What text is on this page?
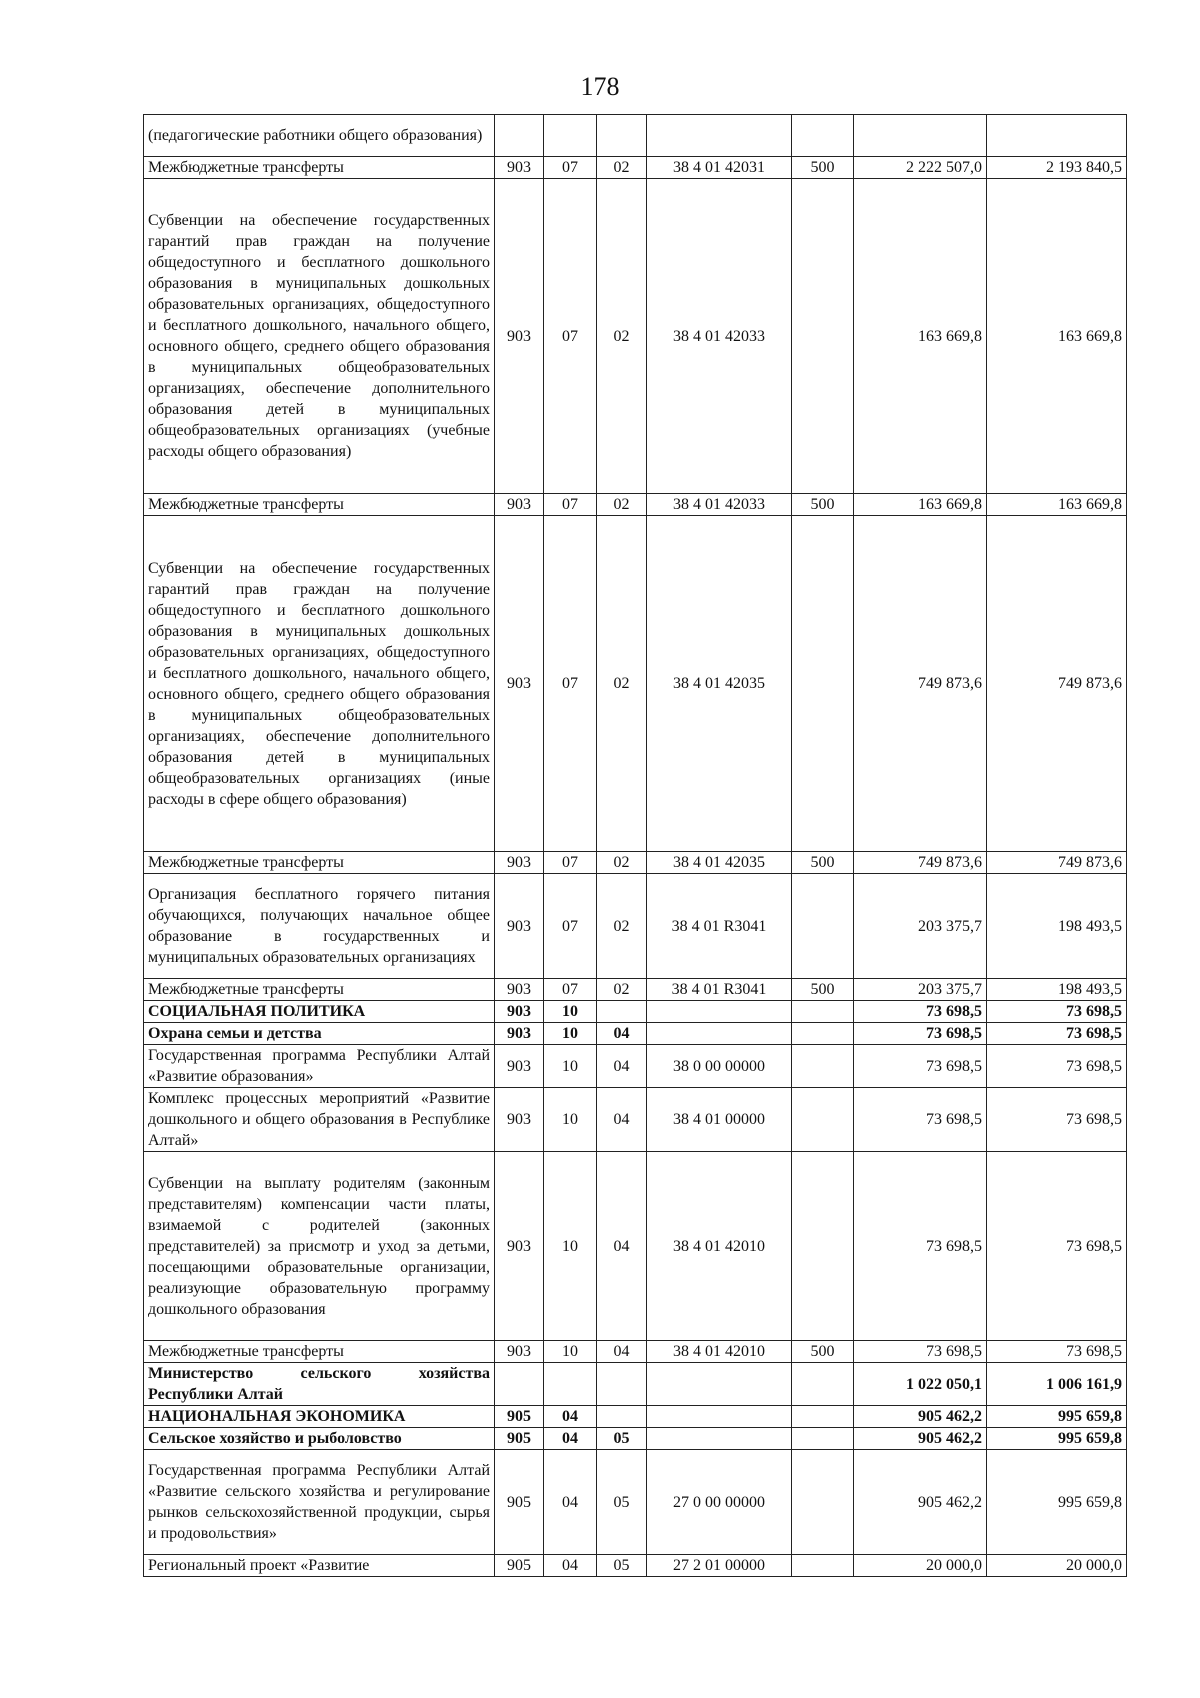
178
(педагогические работники общего образования)							
Межбюджетные трансферты	903	07	02	38 4 01 42031	500	2 222 507,0	2 193 840,5
Субвенции на обеспечение государственных гарантий прав граждан на получение общедоступного и бесплатного дошкольного образования в муниципальных дошкольных образовательных организациях, общедоступного и бесплатного дошкольного, начального общего, основного общего, среднего общего образования в муниципальных общеобразовательных организациях, обеспечение дополнительного образования детей в муниципальных общеобразовательных организациях (учебные расходы общего образования)	903	07	02	38 4 01 42033		163 669,8	163 669,8
Межбюджетные трансферты	903	07	02	38 4 01 42033	500	163 669,8	163 669,8
Субвенции на обеспечение государственных гарантий прав граждан на получение общедоступного и бесплатного дошкольного образования в муниципальных дошкольных образовательных организациях, общедоступного и бесплатного дошкольного, начального общего, основного общего, среднего общего образования в муниципальных общеобразовательных организациях, обеспечение дополнительного образования детей в муниципальных общеобразовательных организациях (иные расходы в сфере общего образования)	903	07	02	38 4 01 42035		749 873,6	749 873,6
Межбюджетные трансферты	903	07	02	38 4 01 42035	500	749 873,6	749 873,6
Организация бесплатного горячего питания обучающихся, получающих начальное общее образование в государственных и муниципальных образовательных организациях	903	07	02	38 4 01 R3041		203 375,7	198 493,5
Межбюджетные трансферты	903	07	02	38 4 01 R3041	500	203 375,7	198 493,5
СОЦИАЛЬНАЯ ПОЛИТИКА	903	10				73 698,5	73 698,5
Охрана семьи и детства	903	10	04			73 698,5	73 698,5
Государственная программа Республики Алтай «Развитие образования»	903	10	04	38 0 00 00000		73 698,5	73 698,5
Комплекс процессных мероприятий «Развитие дошкольного и общего образования в Республике Алтай»	903	10	04	38 4 01 00000		73 698,5	73 698,5
Субвенции на выплату родителям (законным представителям) компенсации части платы, взимаемой с родителей (законных представителей) за присмотр и уход за детьми, посещающими образовательные организации, реализующие образовательную программу дошкольного образования	903	10	04	38 4 01 42010		73 698,5	73 698,5
Межбюджетные трансферты	903	10	04	38 4 01 42010	500	73 698,5	73 698,5
Министерство сельского хозяйства Республики Алтай						1 022 050,1	1 006 161,9
НАЦИОНАЛЬНАЯ ЭКОНОМИКА	905	04				905 462,2	995 659,8
Сельское хозяйство и рыболовство	905	04	05			905 462,2	995 659,8
Государственная программа Республики Алтай «Развитие сельского хозяйства и регулирование рынков сельскохозяйственной продукции, сырья и продовольствия»	905	04	05	27 0 00 00000		905 462,2	995 659,8
Региональный проект «Развитие	905	04	05	27 2 01 00000		20 000,0	20 000,0
